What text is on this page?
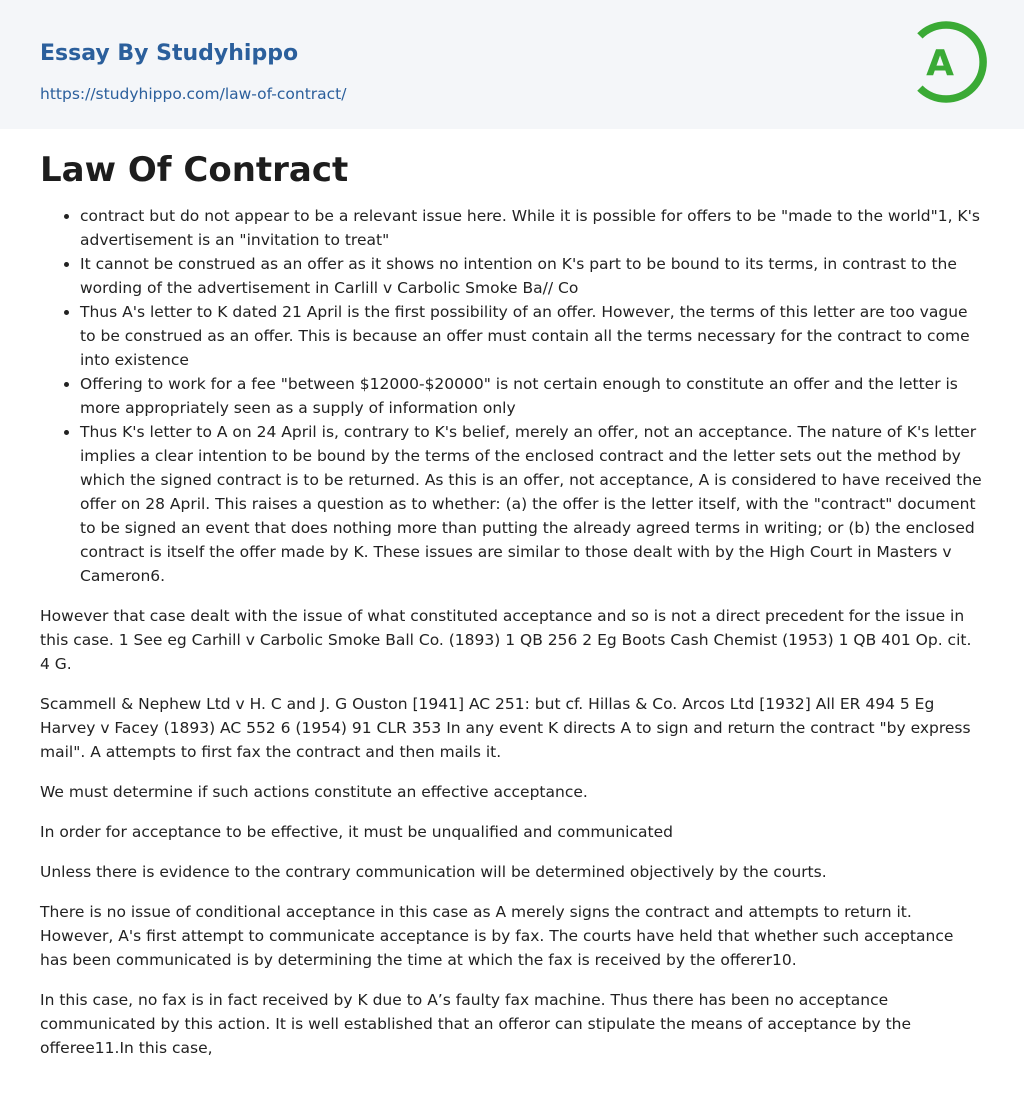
Essay By Studyhippo
https://studyhippo.com/law-of-contract/
A
Law Of Contract
• contract but do not appear to be a relevant issue here. While it is possible for offers to be "made to the world"1, K's advertisement is an "invitation to treat"
• It cannot be construed as an offer as it shows no intention on K's part to be bound to its terms, in contrast to the wording of the advertisement in Carlill v Carbolic Smoke Ba// Co
• Thus A's letter to K dated 21 April is the first possibility of an offer. However, the terms of this letter are too vague to be construed as an offer. This is because an offer must contain all the terms necessary for the contract to come into existence
• Offering to work for a fee "between $12000-$20000" is not certain enough to constitute an offer and the letter is more appropriately seen as a supply of information only
• Thus K's letter to A on 24 April is, contrary to K's belief, merely an offer, not an acceptance. The nature of K's letter implies a clear intention to be bound by the terms of the enclosed contract and the letter sets out the method by which the signed contract is to be returned. As this is an offer, not acceptance, A is considered to have received the offer on 28 April. This raises a question as to whether: (a) the offer is the letter itself, with the "contract" document to be signed an event that does nothing more than putting the already agreed terms in writing; or (b) the enclosed contract is itself the offer made by K. These issues are similar to those dealt with by the High Court in Masters v Cameron6.

However that case dealt with the issue of what constituted acceptance and so is not a direct precedent for the issue in this case. 1 See eg Carhill v Carbolic Smoke Ball Co. (1893) 1 QB 256 2 Eg Boots Cash Chemist (1953) 1 QB 401 Op. cit. 4 G.

Scammell & Nephew Ltd v H. C and J. G Ouston [1941] AC 251: but cf. Hillas & Co. Arcos Ltd [1932] All ER 494 5 Eg Harvey v Facey (1893) AC 552 6 (1954) 91 CLR 353 In any event K directs A to sign and return the contract "by express mail". A attempts to first fax the contract and then mails it.

We must determine if such actions constitute an effective acceptance.

In order for acceptance to be effective, it must be unqualified and communicated

Unless there is evidence to the contrary communication will be determined objectively by the courts.

There is no issue of conditional acceptance in this case as A merely signs the contract and attempts to return it. However, A's first attempt to communicate acceptance is by fax. The courts have held that whether such acceptance has been communicated is by determining the time at which the fax is received by the offerer10.

In this case, no fax is in fact received by K due to A’s faulty fax machine. Thus there has been no acceptance communicated by this action. It is well established that an offeror can stipulate the means of acceptance by the offeree11.In this case,
